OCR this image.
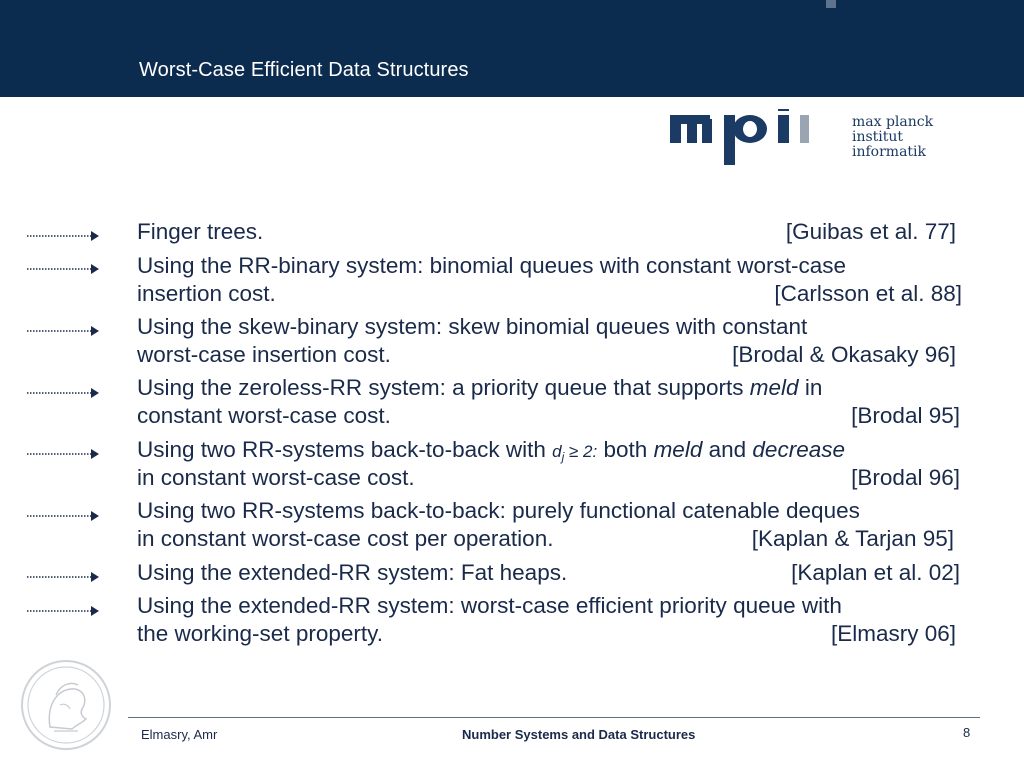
Worst-Case Efficient Data Structures
max planck institut
informatik
Finger trees.	[Guibas et al. 77]
Using the RR-binary system: binomial queues with constant worst-case
insertion cost.	[Carlsson et al. 88]
Using the skew-binary system: skew binomial queues with constant
worst-case insertion cost.	[Brodal & Okasaky 96]
Using the zeroless-RR system: a priority queue that supports meld in
constant worst-case cost.	[Brodal 95]
Using two RR-systems back-to-back with $d_j \ge 2$: both meld and decrease
in constant worst-case cost.	[Brodal 96]
Using two RR-systems back-to-back: purely functional catenable deques
in constant worst-case cost per operation.	[Kaplan & Tarjan 95]
Using the extended-RR system: Fat heaps.	[Kaplan et al. 02]
Using the extended-RR system: worst-case efficient priority queue with
the working-set property.	[Elmasry 06]
Elmasry, Amr	Number Systems and Data Structures	8
